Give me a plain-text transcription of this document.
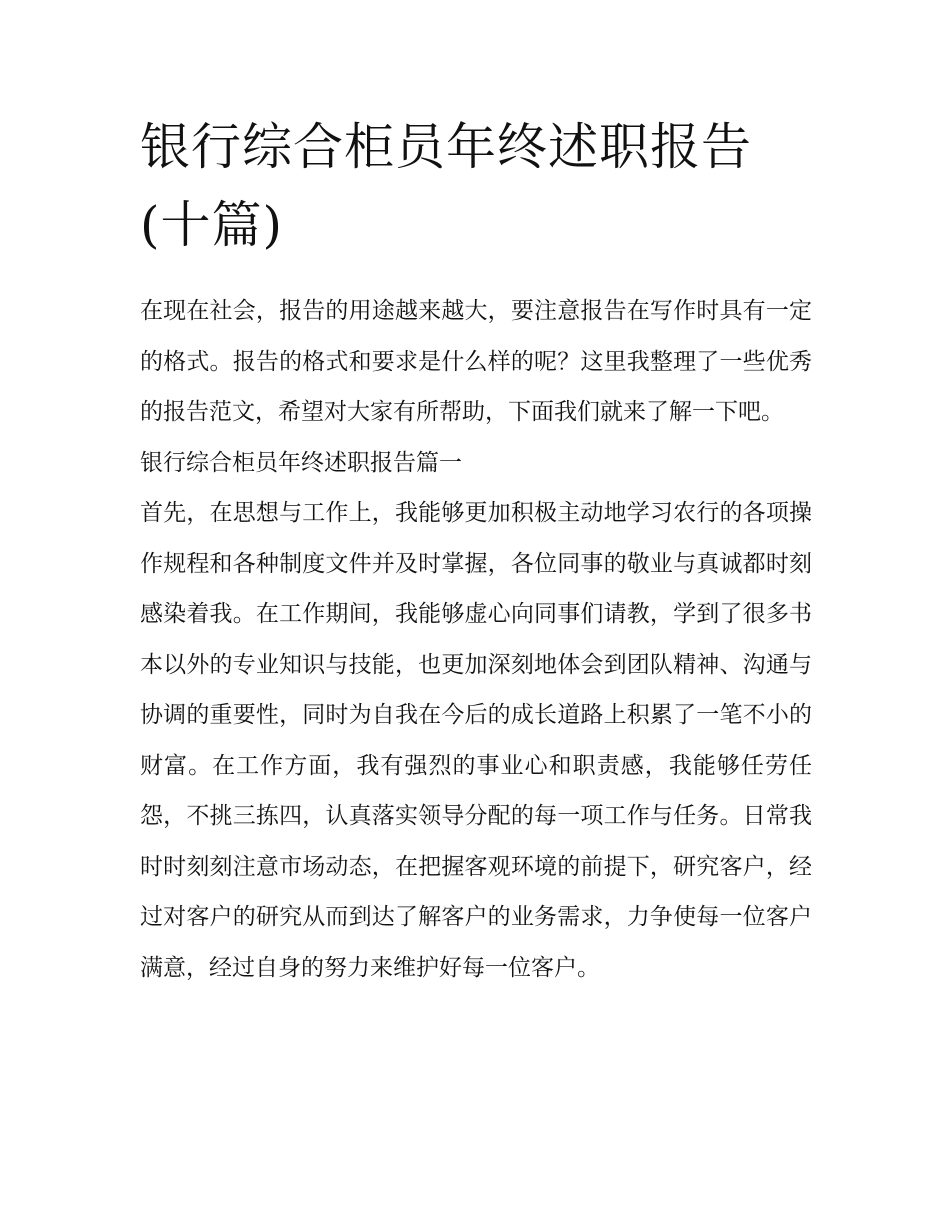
银行综合柜员年终述职报告(十篇)

在现在社会，报告的用途越来越大，要注意报告在写作时具有一定的格式。报告的格式和要求是什么样的呢？这里我整理了一些优秀的报告范文，希望对大家有所帮助，下面我们就来了解一下吧。

银行综合柜员年终述职报告篇一

首先，在思想与工作上，我能够更加积极主动地学习农行的各项操作规程和各种制度文件并及时掌握，各位同事的敬业与真诚都时刻感染着我。在工作期间，我能够虚心向同事们请教，学到了很多书本以外的专业知识与技能，也更加深刻地体会到团队精神、沟通与协调的重要性，同时为自我在今后的成长道路上积累了一笔不小的财富。在工作方面，我有强烈的事业心和职责感，我能够任劳任怨，不挑三拣四，认真落实领导分配的每一项工作与任务。日常我时时刻刻注意市场动态，在把握客观环境的前提下，研究客户，经过对客户的研究从而到达了解客户的业务需求，力争使每一位客户满意，经过自身的努力来维护好每一位客户。
